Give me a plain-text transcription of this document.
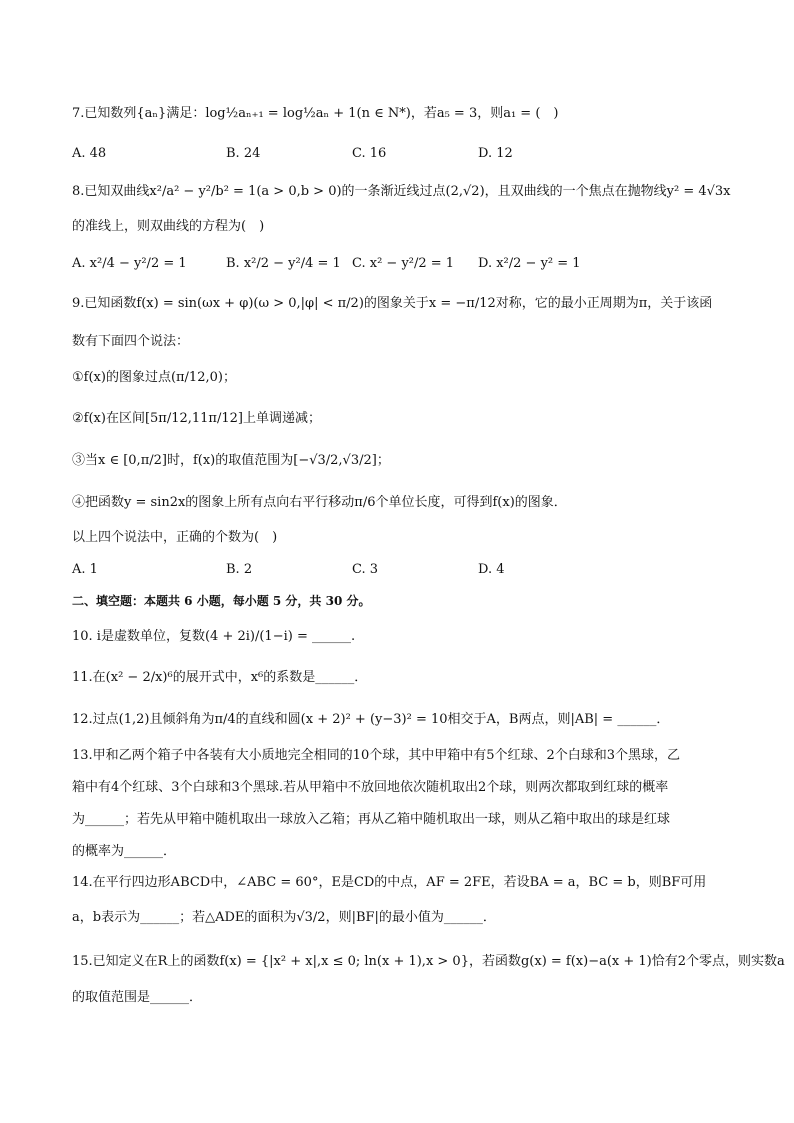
7.已知数列{aₙ}满足：log½aₙ₊₁ = log½aₙ + 1(n ∈ N*)，若a₅ = 3，则a₁ = (　)
A. 48	B. 24	C. 16	D. 12
8.已知双曲线x²/a² − y²/b² = 1(a > 0,b > 0)的一条渐近线过点(2,√2)，且双曲线的一个焦点在抛物线y² = 4√3x
的准线上，则双曲线的方程为(　)
A. x²/4 − y²/2 = 1	B. x²/2 − y²/4 = 1 C. x² − y²/2 = 1 D. x²/2 − y² = 1
9.已知函数f(x) = sin(ωx + φ)(ω > 0,|φ| < π/2)的图象关于x = −π/12对称，它的最小正周期为π，关于该函
数有下面四个说法：
①f(x)的图象过点(π/12,0)；
②f(x)在区间[5π/12,11π/12]上单调递减；
③当x ∈ [0,π/2]时，f(x)的取值范围为[−√3/2,√3/2]；
④把函数y = sin2x的图象上所有点向右平行移动π/6个单位长度，可得到f(x)的图象．
以上四个说法中，正确的个数为(　)
A. 1	B. 2	C. 3	D. 4
二、填空题：本题共 6 小题，每小题 5 分，共 30 分。
10. i是虚数单位，复数(4 + 2i)/(1−i) = ______.
11.在(x² − 2/x)⁶的展开式中，x⁶的系数是______．
12.过点(1,2)且倾斜角为π/4的直线和圆(x + 2)² + (y−3)² = 10相交于A，B两点，则|AB| = ______．
13.甲和乙两个箱子中各装有大小质地完全相同的10个球，其中甲箱中有5个红球、2个白球和3个黑球，乙
箱中有4个红球、3个白球和3个黑球.若从甲箱中不放回地依次随机取出2个球，则两次都取到红球的概率
为______；若先从甲箱中随机取出一球放入乙箱；再从乙箱中随机取出一球，则从乙箱中取出的球是红球
的概率为______．
14.在平行四边形ABCD中，∠ABC = 60°，E是CD的中点，AF = 2FE，若设BA = a，BC = b，则BF可用
a，b表示为______；若△ADE的面积为√3/2，则|BF|的最小值为______．
15.已知定义在R上的函数f(x) = {|x² + x|,x ≤ 0; ln(x + 1),x > 0}，若函数g(x) = f(x)−a(x + 1)恰有2个零点，则实数a
的取值范围是______．
